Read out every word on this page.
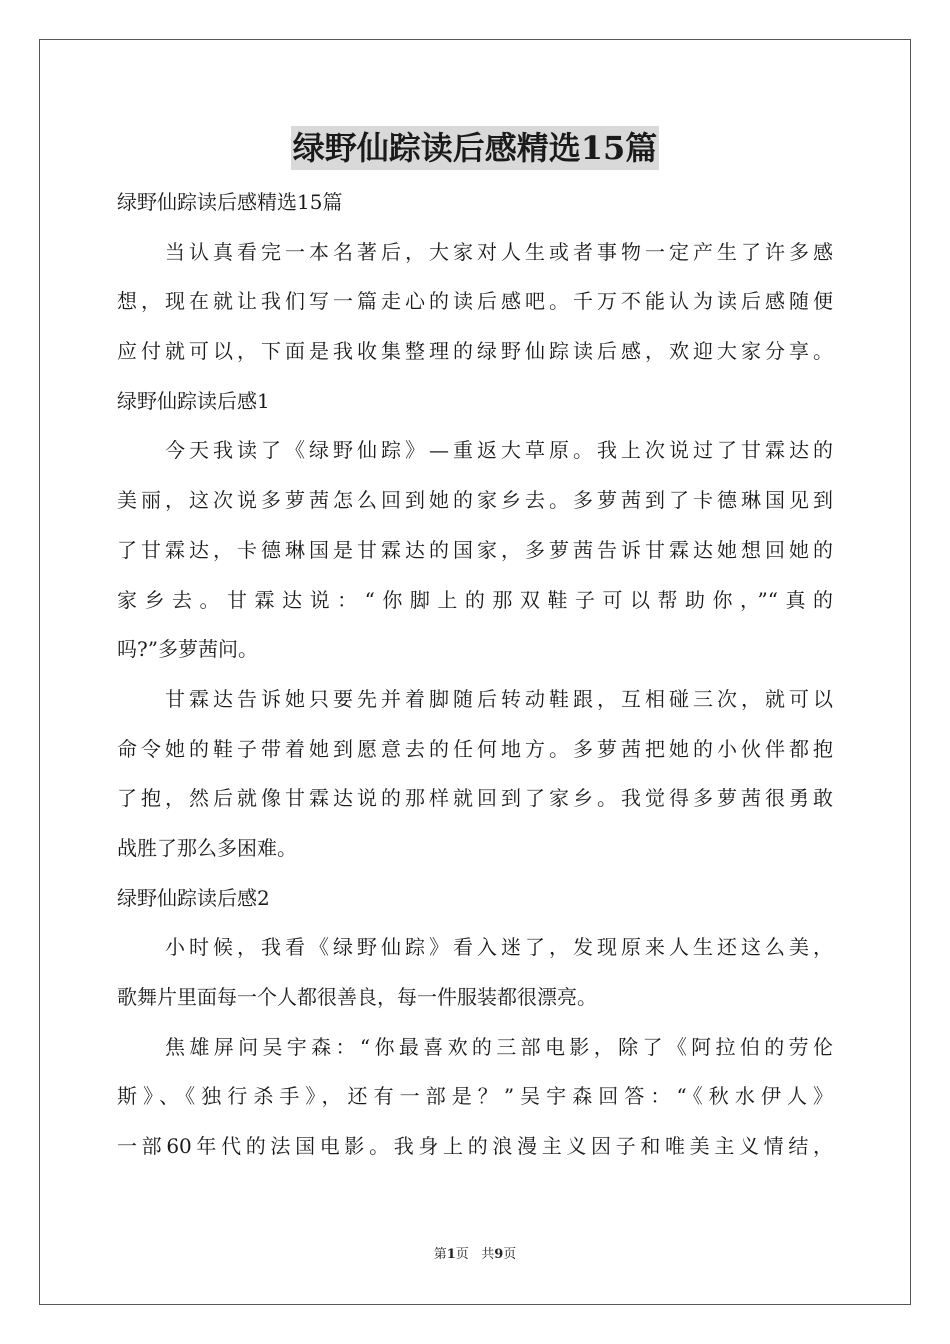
绿野仙踪读后感精选15篇
绿野仙踪读后感精选15篇
当认真看完一本名著后，大家对人生或者事物一定产生了许多感
想，现在就让我们写一篇走心的读后感吧。千万不能认为读后感随便
应付就可以，下面是我收集整理的绿野仙踪读后感，欢迎大家分享。
绿野仙踪读后感1
今天我读了《绿野仙踪》—重返大草原。我上次说过了甘霖达的
美丽，这次说多萝茜怎么回到她的家乡去。多萝茜到了卡德琳国见到
了甘霖达，卡德琳国是甘霖达的国家，多萝茜告诉甘霖达她想回她的
家乡去。甘霖达说：“你脚上的那双鞋子可以帮助你，”“真的
吗?”多萝茜问。
甘霖达告诉她只要先并着脚随后转动鞋跟，互相碰三次，就可以
命令她的鞋子带着她到愿意去的任何地方。多萝茜把她的小伙伴都抱
了抱，然后就像甘霖达说的那样就回到了家乡。我觉得多萝茜很勇敢
战胜了那么多困难。
绿野仙踪读后感2
小时候，我看《绿野仙踪》看入迷了，发现原来人生还这么美，
歌舞片里面每一个人都很善良，每一件服装都很漂亮。
焦雄屏问吴宇森：“你最喜欢的三部电影，除了《阿拉伯的劳伦
斯》、《独行杀手》，还有一部是？”吴宇森回答：“《秋水伊人》
一部60年代的法国电影。我身上的浪漫主义因子和唯美主义情结，
第1页   共9页
